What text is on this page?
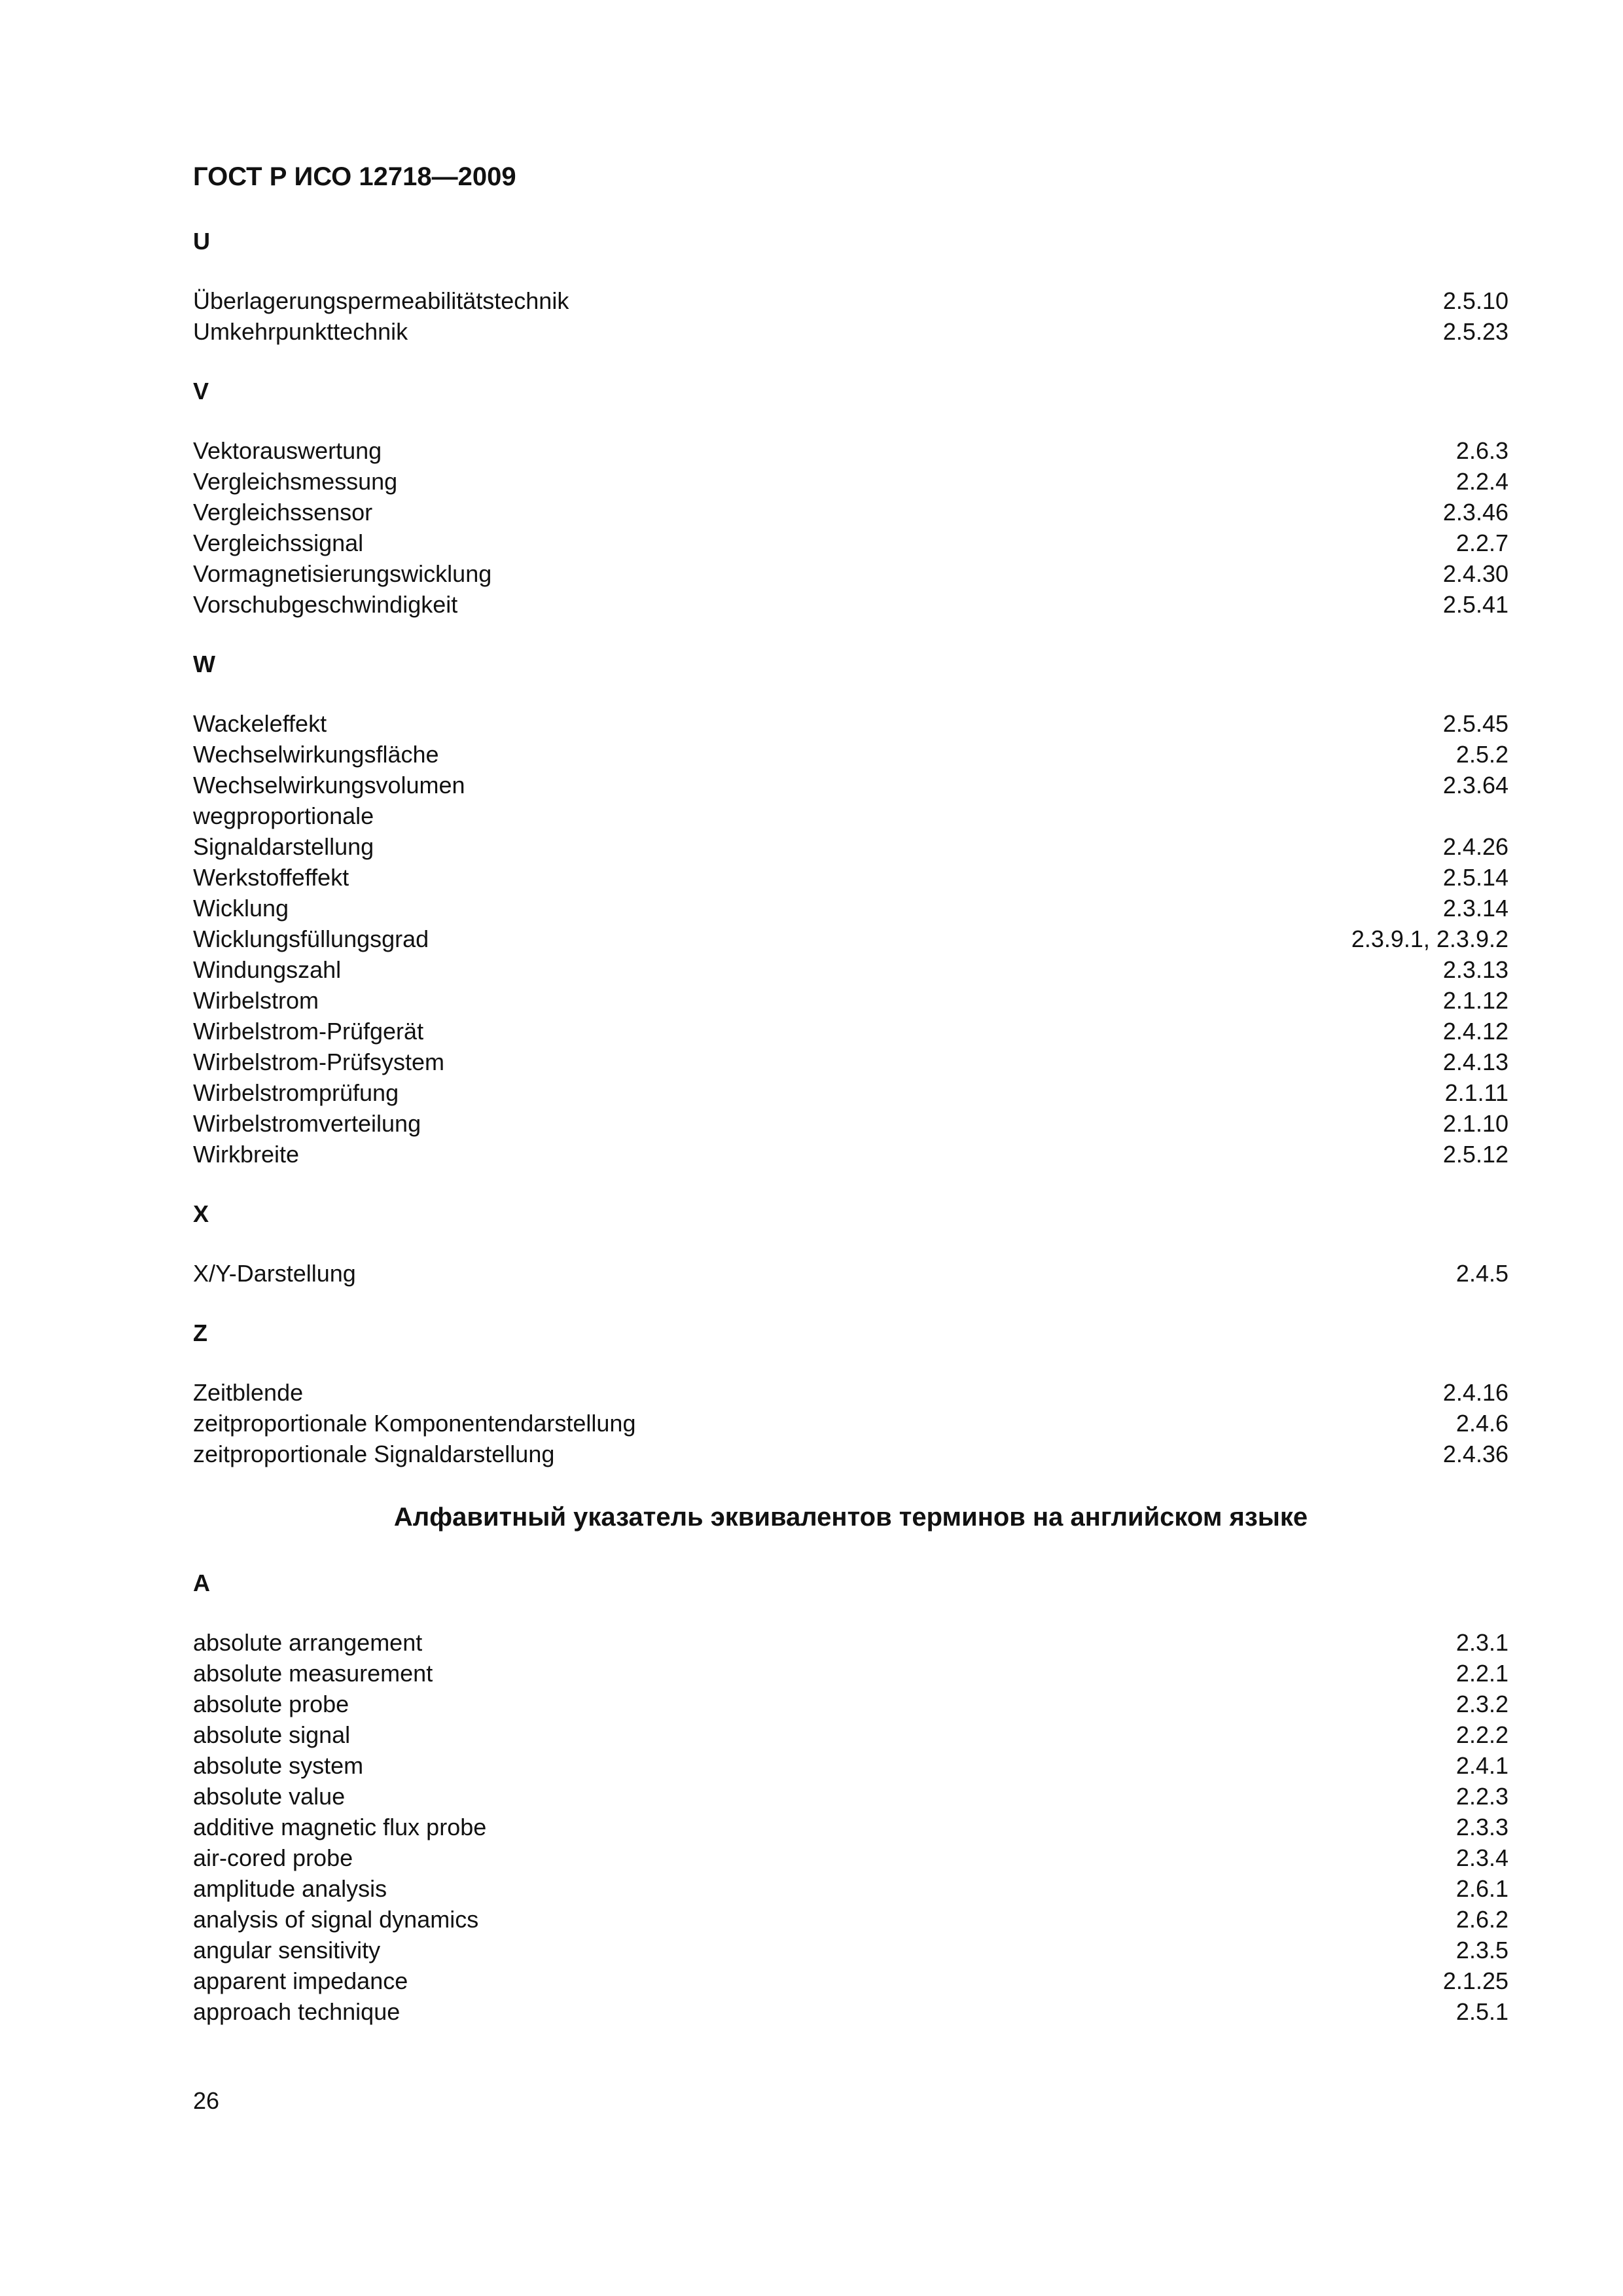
ГОСТ Р ИСО 12718—2009
U
Überlagerungspermeabilitätstechnik	2.5.10
Umkehrpunkttechnik	2.5.23
V
Vektorauswertung	2.6.3
Vergleichsmessung	2.2.4
Vergleichssensor	2.3.46
Vergleichssignal	2.2.7
Vormagnetisierungswicklung	2.4.30
Vorschubgeschwindigkeit	2.5.41
W
Wackeleffekt	2.5.45
Wechselwirkungsfläche	2.5.2
Wechselwirkungsvolumen	2.3.64
wegproportionale
Signaldarstellung	2.4.26
Werkstoffeffekt	2.5.14
Wicklung	2.3.14
Wicklungsfüllungsgrad	2.3.9.1, 2.3.9.2
Windungszahl	2.3.13
Wirbelstrom	2.1.12
Wirbelstrom-Prüfgerät	2.4.12
Wirbelstrom-Prüfsystem	2.4.13
Wirbelstromprüfung	2.1.11
Wirbelstromverteilung	2.1.10
Wirkbreite	2.5.12
X
X/Y-Darstellung	2.4.5
Z
Zeitblende	2.4.16
zeitproportionale Komponentendarstellung	2.4.6
zeitproportionale Signaldarstellung	2.4.36
Алфавитный указатель эквивалентов терминов на английском языке
A
absolute arrangement	2.3.1
absolute measurement	2.2.1
absolute probe	2.3.2
absolute signal	2.2.2
absolute system	2.4.1
absolute value	2.2.3
additive magnetic flux probe	2.3.3
air-cored probe	2.3.4
amplitude analysis	2.6.1
analysis of signal dynamics	2.6.2
angular sensitivity	2.3.5
apparent impedance	2.1.25
approach technique	2.5.1
26
